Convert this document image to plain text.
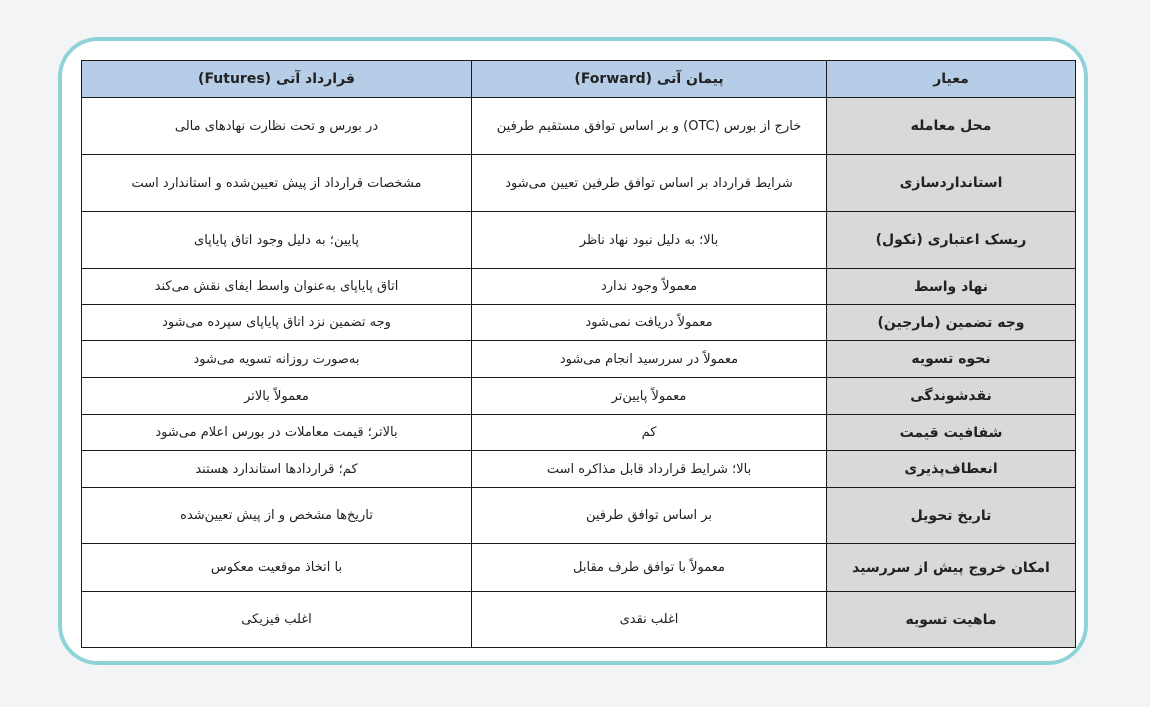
معیار	پیمان آتی (Forward)	قرارداد آتی (Futures)
محل معامله	خارج از بورس (OTC) و بر اساس توافق مستقیم طرفین	در بورس و تحت نظارت نهادهای مالی
استانداردسازی	شرایط قرارداد بر اساس توافق طرفین تعیین می‌شود	مشخصات قرارداد از پیش تعیین‌شده و استاندارد است
ریسک اعتباری (نکول)	بالا؛ به دلیل نبود نهاد ناظر	پایین؛ به دلیل وجود اتاق پایاپای
نهاد واسط	معمولاً وجود ندارد	اتاق پایاپای به‌عنوان واسط ایفای نقش می‌کند
وجه تضمین (مارجین)	معمولاً دریافت نمی‌شود	وجه تضمین نزد اتاق پایاپای سپرده می‌شود
نحوه تسویه	معمولاً در سررسید انجام می‌شود	به‌صورت روزانه تسویه می‌شود
نقدشوندگی	معمولاً پایین‌تر	معمولاً بالاتر
شفافیت قیمت	کم	بالاتر؛ قیمت معاملات در بورس اعلام می‌شود
انعطاف‌پذیری	بالا؛ شرایط قرارداد قابل مذاکره است	کم؛ قراردادها استاندارد هستند
تاریخ تحویل	بر اساس توافق طرفین	تاریخ‌ها مشخص و از پیش تعیین‌شده
امکان خروج پیش از سررسید	معمولاً با توافق طرف مقابل	با اتخاذ موقعیت معکوس
ماهیت تسویه	اغلب نقدی	اغلب فیزیکی
